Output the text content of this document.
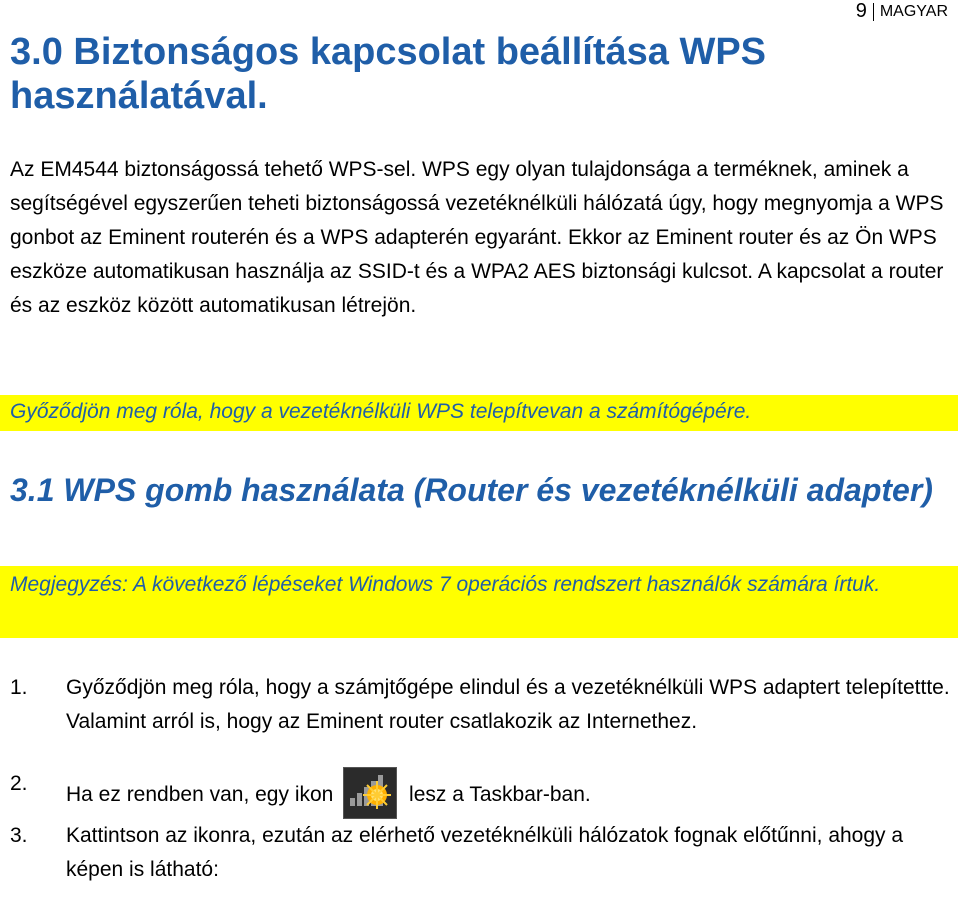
9 MAGYAR
3.0 Biztonságos kapcsolat beállítása WPS használatával.
Az EM4544 biztonságossá tehető WPS-sel. WPS egy olyan tulajdonsága a terméknek, aminek a segítségével egyszerűen teheti biztonságossá vezetéknélküli hálózatá úgy, hogy megnyomja a WPS gonbot az Eminent routerén és a WPS adapterén egyaránt. Ekkor az Eminent router és az Ön WPS eszköze automatikusan használja az SSID-t és a WPA2 AES biztonsági kulcsot. A kapcsolat a router és az eszköz között automatikusan létrejön.
Győződjön meg róla, hogy a vezetéknélküli WPS telepítvevan a számítógépére.
3.1 WPS gomb használata (Router és vezetéknélküli adapter)
Megjegyzés: A következő lépéseket Windows 7 operációs rendszert használók számára írtuk.
1. Győződjön meg róla, hogy a számjtőgépe elindul és a vezetéknélküli WPS adaptert telepítettte. Valamint arról is, hogy az Eminent router csatlakozik az Internethez.
2. Ha ez rendben van, egy ikon	lesz a Taskbar-ban.
3. Kattintson az ikonra, ezután az elérhető vezetéknélküli hálózatok fognak előtűnni, ahogy a képen is látható:
